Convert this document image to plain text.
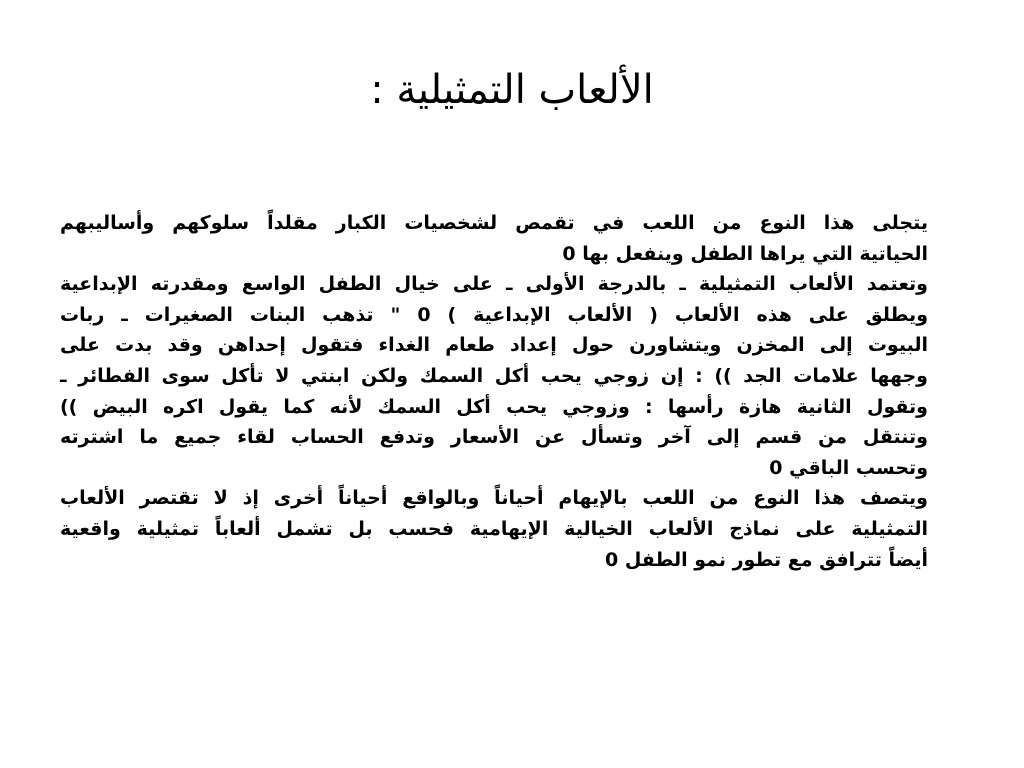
الألعاب التمثيلية :
يتجلى هذا النوع من اللعب في تقمص لشخصيات الكبار مقلداً سلوكهم وأساليبهم
الحياتية التي يراها الطفل وينفعل بها 0
وتعتمد الألعاب التمثيلية ـ بالدرجة الأولى ـ على خيال الطفل الواسع ومقدرته الإبداعية
ويطلق على هذه الألعاب ( الألعاب الإبداعية ) 0 " تذهب البنات الصغيرات ـ ربات
البيوت إلى المخزن ويتشاورن حول إعداد طعام الغداء فتقول إحداهن وقد بدت على
وجهها علامات الجد )) : إن زوجي يحب أكل السمك ولكن ابنتي لا تأكل سوى الفطائر ـ
وتقول الثانية هازة رأسها : وزوجي يحب أكل السمك لأنه كما يقول اكره البيض ))
وتنتقل من قسم إلى آخر وتسأل عن الأسعار وتدفع الحساب لقاء جميع ما اشترته
وتحسب الباقي 0
ويتصف هذا النوع من اللعب بالإيهام أحياناً وبالواقع أحياناً أخرى إذ لا تقتصر الألعاب
التمثيلية على نماذج الألعاب الخيالية الإيهامية فحسب بل تشمل ألعاباً تمثيلية واقعية
أيضاً تترافق مع تطور نمو الطفل 0
